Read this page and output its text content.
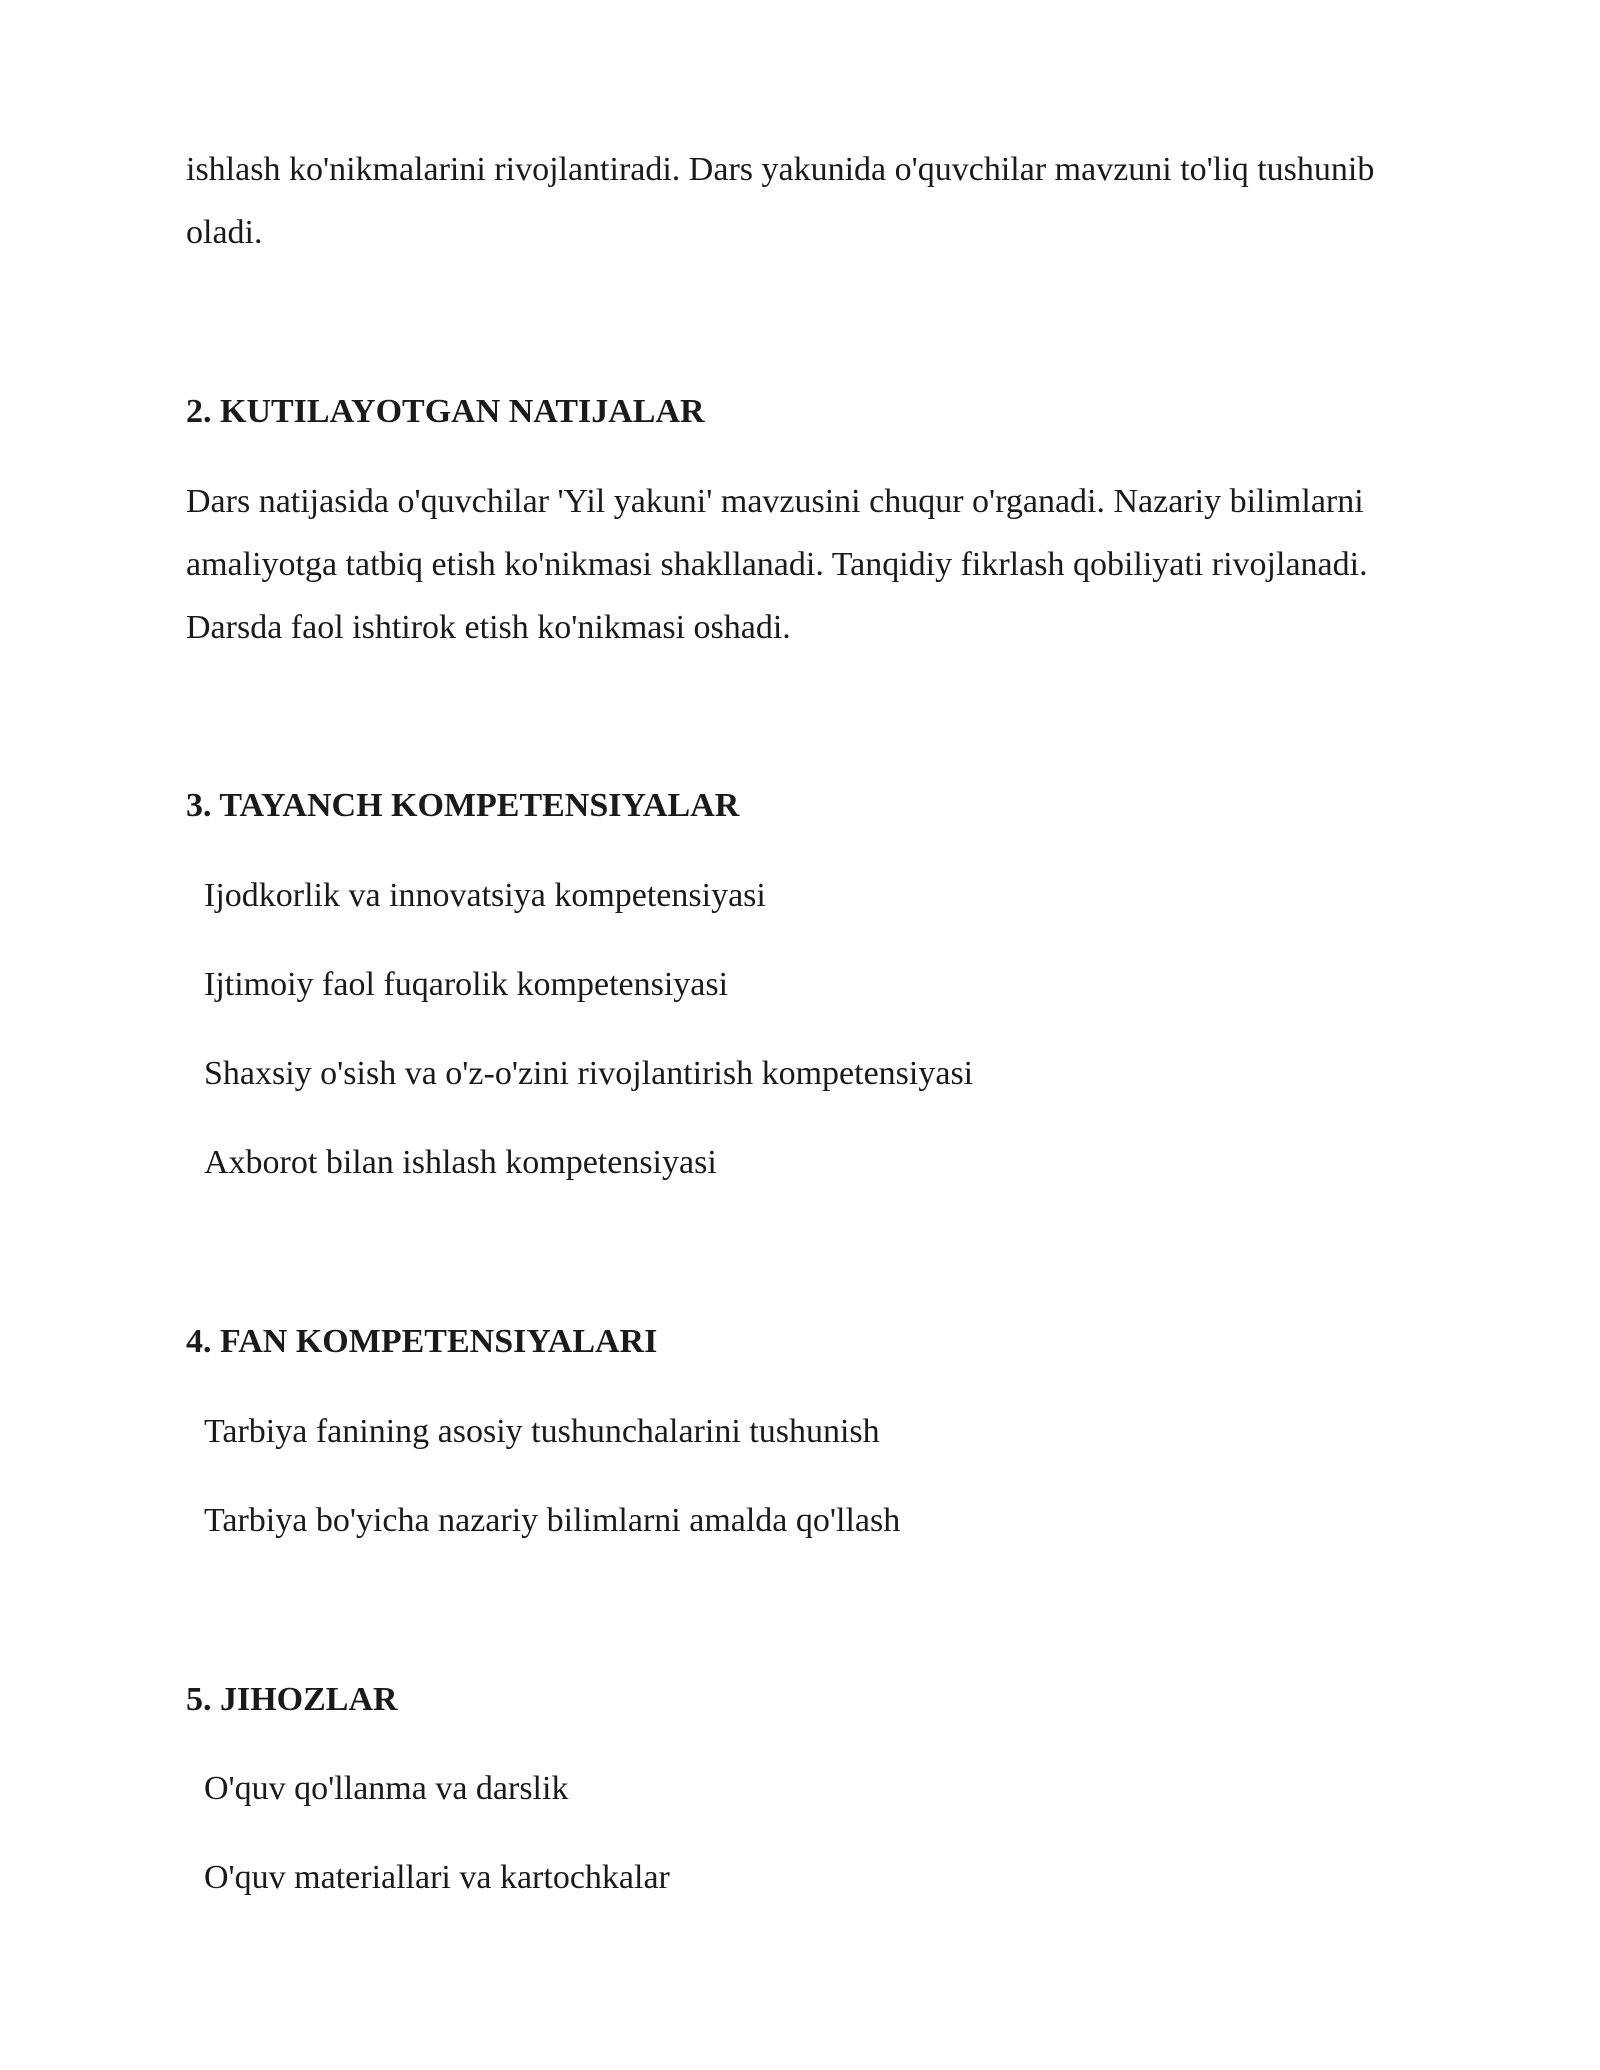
ishlash ko'nikmalarini rivojlantiradi. Dars yakunida o'quvchilar mavzuni to'liq tushunib oladi.

2. KUTILAYOTGAN NATIJALAR

Dars natijasida o'quvchilar 'Yil yakuni' mavzusini chuqur o'rganadi. Nazariy bilimlarni amaliyotga tatbiq etish ko'nikmasi shakllanadi. Tanqidiy fikrlash qobiliyati rivojlanadi. Darsda faol ishtirok etish ko'nikmasi oshadi.

3. TAYANCH KOMPETENSIYALAR

Ijodkorlik va innovatsiya kompetensiyasi

Ijtimoiy faol fuqarolik kompetensiyasi

Shaxsiy o'sish va o'z-o'zini rivojlantirish kompetensiyasi

Axborot bilan ishlash kompetensiyasi

4. FAN KOMPETENSIYALARI

Tarbiya fanining asosiy tushunchalarini tushunish

Tarbiya bo'yicha nazariy bilimlarni amalda qo'llash

5. JIHOZLAR

O'quv qo'llanma va darslik

O'quv materiallari va kartochkalar
